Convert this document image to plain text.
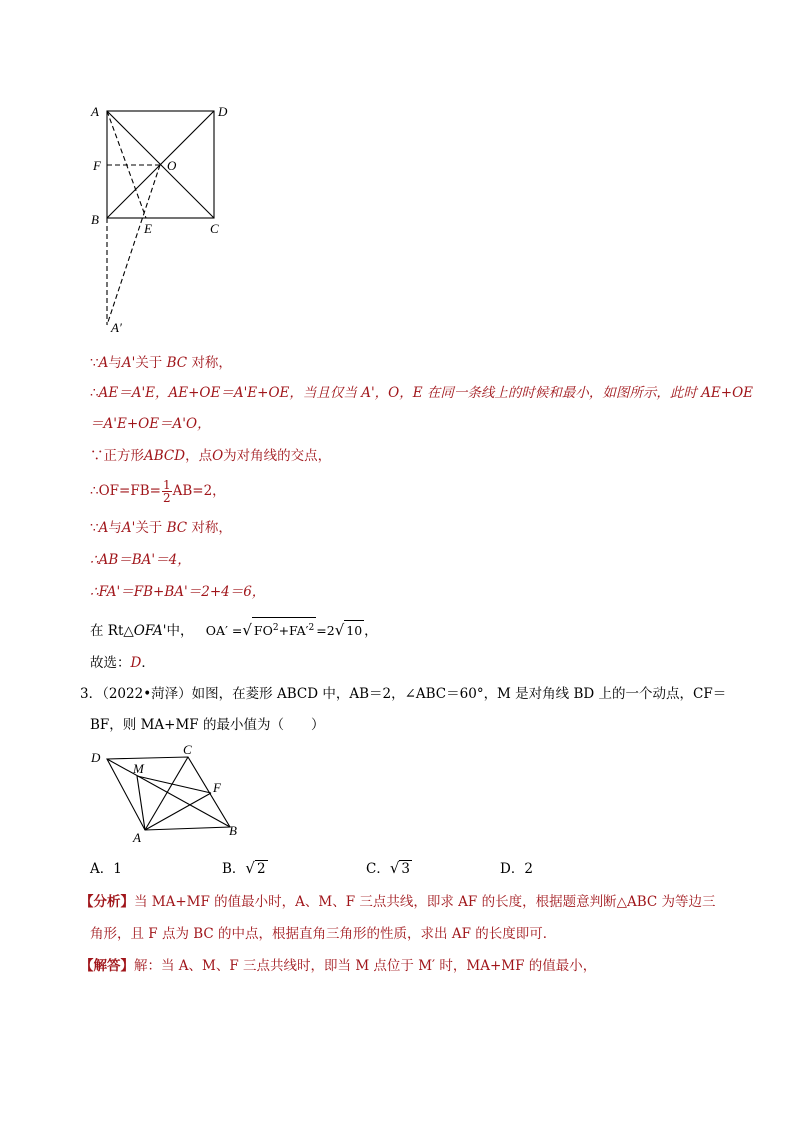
A	D
F	O
B
E	C
A′
∵A与A'关于 BC 对称，
∴AE＝A'E，AE+OE＝A'E+OE，当且仅当 A'，O，E 在同一条线上的时候和最小，如图所示，此时 AE+OE
＝A'E+OE＝A'O，
∵正方形ABCD，点O为对角线的交点，
∴OF=FB= $\frac{1}{2} AB=2$，
∵A与A'关于 BC 对称，
∴AB＝BA'＝4，
∴FA'＝FB+BA'＝2+4＝6，
在 Rt△OFA'中， OA′ =√ $FO^2+FA'^2 =2√$ 10 ，
故选：D．
3．（2022•菏泽）如图，在菱形 ABCD 中，AB＝2，∠ABC＝60°，M 是对角线 BD 上的一个动点，CF＝
BF，则 MA+MF 的最小值为（　　）
D
C
M
F
A	B
A．1	B．√ 2	C．√ 3	D．2
【分析】当 MA+MF 的值最小时，A、M、F 三点共线，即求 AF 的长度，根据题意判断△ABC 为等边三
角形，且 F 点为 BC 的中点，根据直角三角形的性质，求出 AF 的长度即可．
【解答】解：当 A、M、F 三点共线时，即当 M 点位于 M′ 时，MA+MF 的值最小，
